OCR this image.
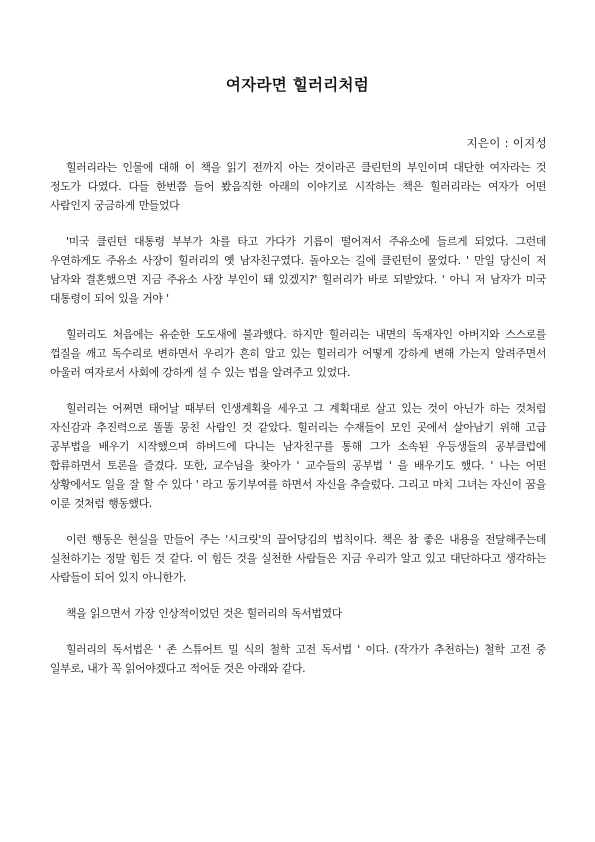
여자라면 힐러리처럼
지은이 : 이지성

힐러리라는 인물에 대해 이 책을 읽기 전까지 아는 것이라곤 클린턴의 부인이며 대단한 여자라는 것 정도가 다였다. 다들 한번쯤 들어 봤음직한 아래의 이야기로 시작하는 책은 힐러리라는 여자가 어떤 사람인지 궁금하게 만들었다

'미국 클린턴 대통령 부부가 차를 타고 가다가 기름이 떨어져서 주유소에 들르게 되었다. 그런데 우연하게도 주유소 사장이 힐러리의 옛 남자친구였다. 돌아오는 길에 클린턴이 물었다. ' 만일 당신이 저 남자와 결혼했으면 지금 주유소 사장 부인이 돼 있겠지?' 힐러리가 바로 되받았다. ' 아니 저 남자가 미국 대통령이 되어 있을 거야 '

힐러리도 처음에는 유순한 도도새에 불과했다. 하지만 힐러리는 내면의 독재자인 아버지와 스스로를 껍질을 깨고 독수리로 변하면서 우리가 흔히 알고 있는 힐러리가 어떻게 강하게 변해 가는지 알려주면서 아울러 여자로서 사회에 강하게 설 수 있는 법을 알려주고 있었다.

힐러리는 어쩌면 태어날 때부터 인생계획을 세우고 그 계획대로 살고 있는 것이 아닌가 하는 것처럼 자신감과 추진력으로 똘똘 뭉친 사람인 것 같았다. 힐러리는 수재들이 모인 곳에서 살아남기 위해 고급 공부법을 배우기 시작했으며 하버드에 다니는 남자친구를 통해 그가 소속된 우등생들의 공부클럽에 합류하면서 토론을 즐겼다. 또한, 교수님을 찾아가 ' 교수들의 공부법 ' 을 배우기도 했다. ' 나는 어떤 상황에서도 일을 잘 할 수 있다 ' 라고 동기부여를 하면서 자신을 추슬렀다. 그리고 마치 그녀는 자신이 꿈을 이룬 것처럼 행동했다.

이런 행동은 현실을 만들어 주는 '시크릿'의 끌어당김의 법칙이다. 책은 참 좋은 내용을 전달해주는데 실천하기는 정말 힘든 것 같다. 이 힘든 것을 실천한 사람들은 지금 우리가 알고 있고 대단하다고 생각하는 사람들이 되어 있지 아니한가.

책을 읽으면서 가장 인상적이었던 것은 힐러리의 독서법였다

힐러리의 독서법은 ' 존 스튜어트 밀 식의 철학 고전 독서법 ' 이다. (작가가 추천하는) 철학 고전 중 일부로, 내가 꼭 읽어야겠다고 적어둔 것은 아래와 같다.
